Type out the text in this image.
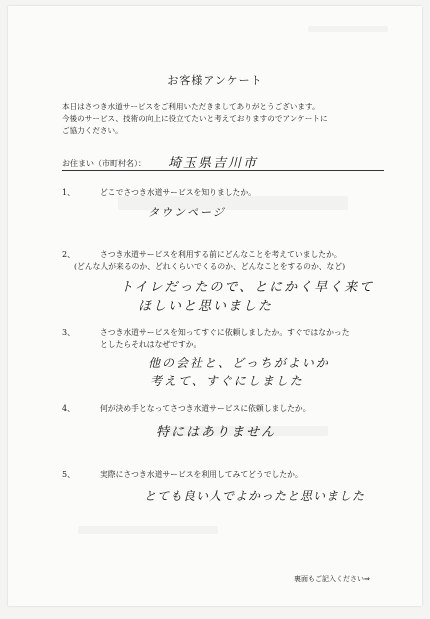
お客様アンケート
本日はさつき水道サービスをご利用いただきましてありがとうございます。
今後のサービス、技術の向上に役立てたいと考えておりますのでアンケートに
ご協力ください。
お住まい（市町村名）： 埼玉県吉川市
1、	どこでさつき水道サービスを知りましたか。
タウンページ
2、	さつき水道サービスを利用する前にどんなことを考えていましたか。
(どんな人が来るのか、どれくらいでくるのか、どんなことをするのか、など)
トイレだったので、とにかく早く来て
ほしいと思いました
3、	さつき水道サービスを知ってすぐに依頼しましたか。すぐではなかった
としたらそれはなぜですか。
他の会社と、どっちがよいか
考えて、すぐにしました
4、	何が決め手となってさつき水道サービスに依頼しましたか。
特にはありません
5、	実際にさつき水道サービスを利用してみてどうでしたか。
とても良い人でよかったと思いました
裏面もご記入ください⇒
